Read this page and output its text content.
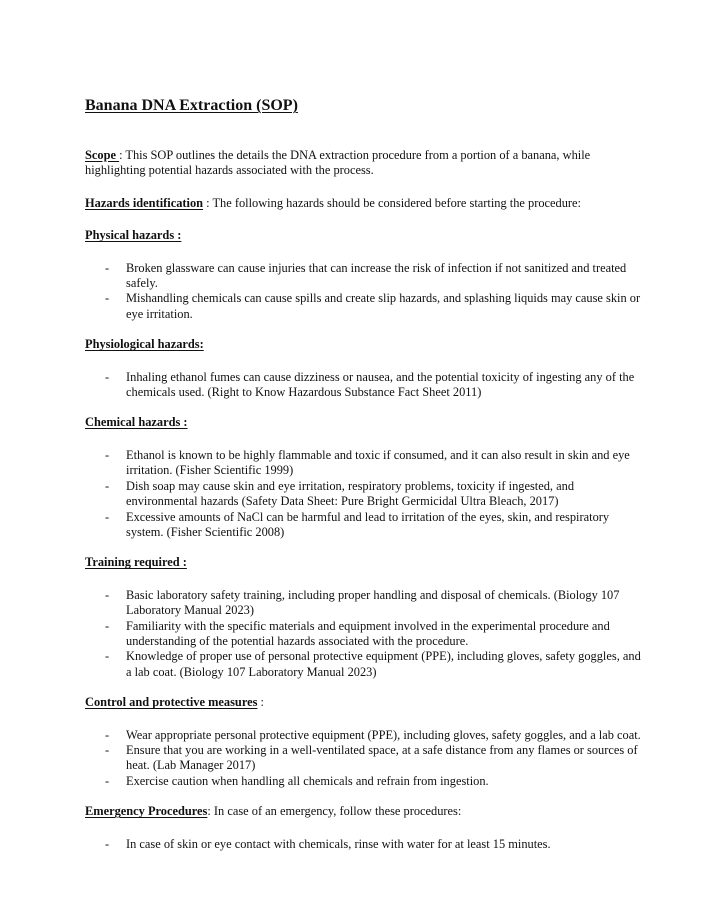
Banana DNA Extraction (SOP)

Scope : This SOP outlines the details the DNA extraction procedure from a portion of a banana, while highlighting potential hazards associated with the process.

Hazards identification : The following hazards should be considered before starting the procedure:

Physical hazards :

- Broken glassware can cause injuries that can increase the risk of infection if not sanitized and treated safely.
- Mishandling chemicals can cause spills and create slip hazards, and splashing liquids may cause skin or eye irritation.

Physiological hazards:

- Inhaling ethanol fumes can cause dizziness or nausea, and the potential toxicity of ingesting any of the chemicals used. (Right to Know Hazardous Substance Fact Sheet 2011)

Chemical hazards :

- Ethanol is known to be highly flammable and toxic if consumed, and it can also result in skin and eye irritation. (Fisher Scientific 1999)
- Dish soap may cause skin and eye irritation, respiratory problems, toxicity if ingested, and environmental hazards (Safety Data Sheet: Pure Bright Germicidal Ultra Bleach, 2017)
- Excessive amounts of NaCl can be harmful and lead to irritation of the eyes, skin, and respiratory system. (Fisher Scientific 2008)

Training required :

- Basic laboratory safety training, including proper handling and disposal of chemicals. (Biology 107 Laboratory Manual 2023)
- Familiarity with the specific materials and equipment involved in the experimental procedure and understanding of the potential hazards associated with the procedure.
- Knowledge of proper use of personal protective equipment (PPE), including gloves, safety goggles, and a lab coat. (Biology 107 Laboratory Manual 2023)

Control and protective measures :

- Wear appropriate personal protective equipment (PPE), including gloves, safety goggles, and a lab coat.
- Ensure that you are working in a well-ventilated space, at a safe distance from any flames or sources of heat. (Lab Manager 2017)
- Exercise caution when handling all chemicals and refrain from ingestion.

Emergency Procedures: In case of an emergency, follow these procedures:

- In case of skin or eye contact with chemicals, rinse with water for at least 15 minutes.
